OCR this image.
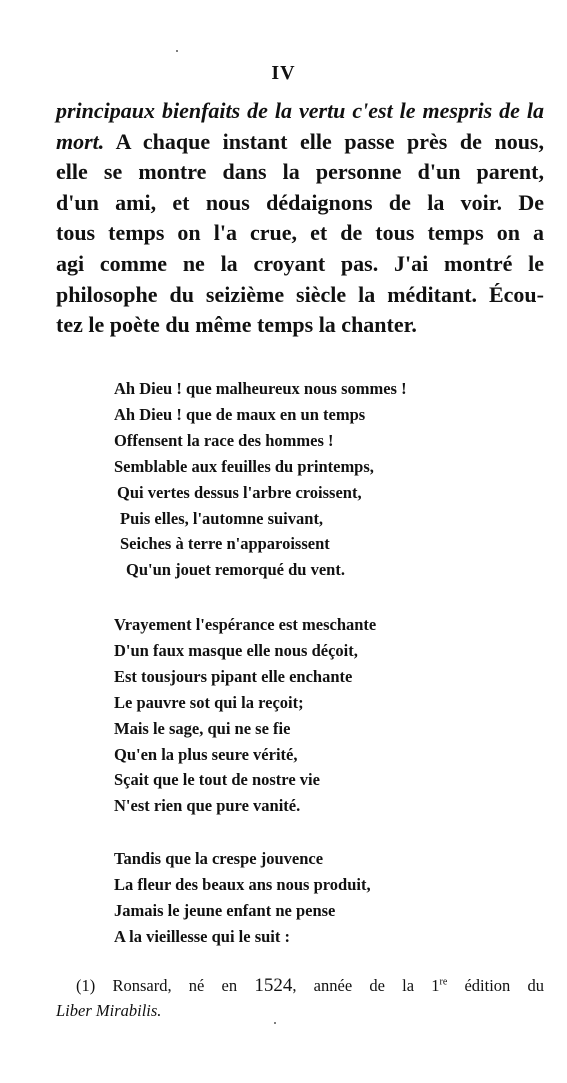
IV
principaux bienfaits de la vertu c'est le mespris de la
mort. A chaque instant elle passe près de nous,
elle se montre dans la personne d'un parent,
d'un ami, et nous dédaignons de la voir. De
tous temps on l'a crue, et de tous temps on a
agi comme ne la croyant pas. J'ai montré le
philosophe du seizième siècle la méditant. Écou-
tez le poète du même temps la chanter.
Ah Dieu ! que malheureux nous sommes !
Ah Dieu ! que de maux en un temps
Offensent la race des hommes !
Semblable aux feuilles du printemps,
Qui vertes dessus l'arbre croissent,
Puis elles, l'automne suivant,
Seiches à terre n'apparoissent
Qu'un jouet remorqué du vent.
Vrayement l'espérance est meschante
D'un faux masque elle nous déçoit,
Est tousjours pipant elle enchante
Le pauvre sot qui la reçoit;
Mais le sage, qui ne se fie
Qu'en la plus seure vérité,
Sçait que le tout de nostre vie
N'est rien que pure vanité.
Tandis que la crespe jouvence
La fleur des beaux ans nous produit,
Jamais le jeune enfant ne pense
A la vieillesse qui le suit :
(1) Ronsard, né en 1524, année de la 1re édition du
Liber Mirabilis.
